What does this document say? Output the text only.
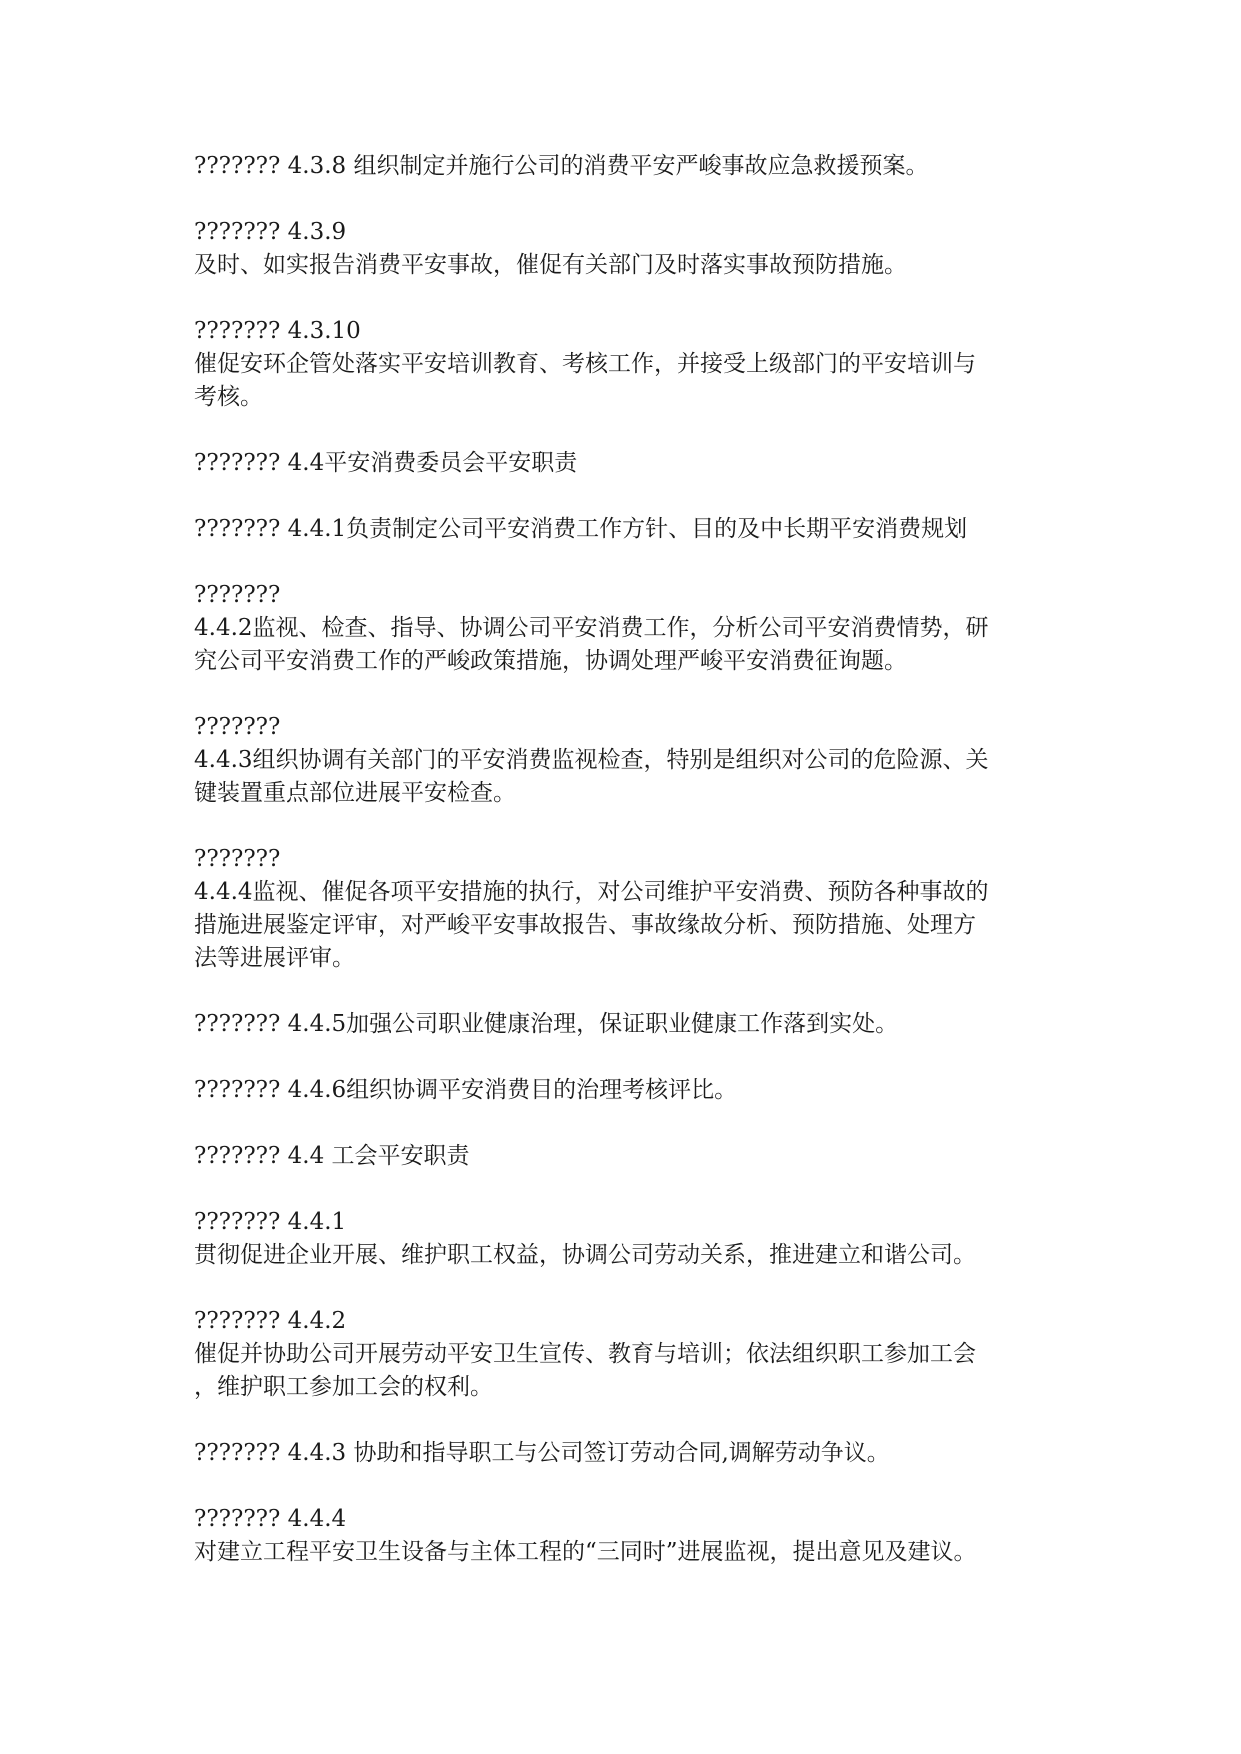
??????? 4.3.8 组织制定并施行公司的消费平安严峻事故应急救援预案。
??????? 4.3.9
及时、如实报告消费平安事故，催促有关部门及时落实事故预防措施。
??????? 4.3.10
催促安环企管处落实平安培训教育、考核工作，并接受上级部门的平安培训与
考核。
??????? 4.4平安消费委员会平安职责
??????? 4.4.1负责制定公司平安消费工作方针、目的及中长期平安消费规划
???????
4.4.2监视、检查、指导、协调公司平安消费工作，分析公司平安消费情势，研
究公司平安消费工作的严峻政策措施，协调处理严峻平安消费征询题。
???????
4.4.3组织协调有关部门的平安消费监视检查，特别是组织对公司的危险源、关
键装置重点部位进展平安检查。
???????
4.4.4监视、催促各项平安措施的执行，对公司维护平安消费、预防各种事故的
措施进展鉴定评审，对严峻平安事故报告、事故缘故分析、预防措施、处理方
法等进展评审。
??????? 4.4.5加强公司职业健康治理，保证职业健康工作落到实处。
??????? 4.4.6组织协调平安消费目的治理考核评比。
??????? 4.4 工会平安职责
??????? 4.4.1
贯彻促进企业开展、维护职工权益，协调公司劳动关系，推进建立和谐公司。
??????? 4.4.2
催促并协助公司开展劳动平安卫生宣传、教育与培训；依法组织职工参加工会
，维护职工参加工会的权利。
??????? 4.4.3 协助和指导职工与公司签订劳动合同,调解劳动争议。
??????? 4.4.4
对建立工程平安卫生设备与主体工程的“三同时”进展监视，提出意见及建议。
